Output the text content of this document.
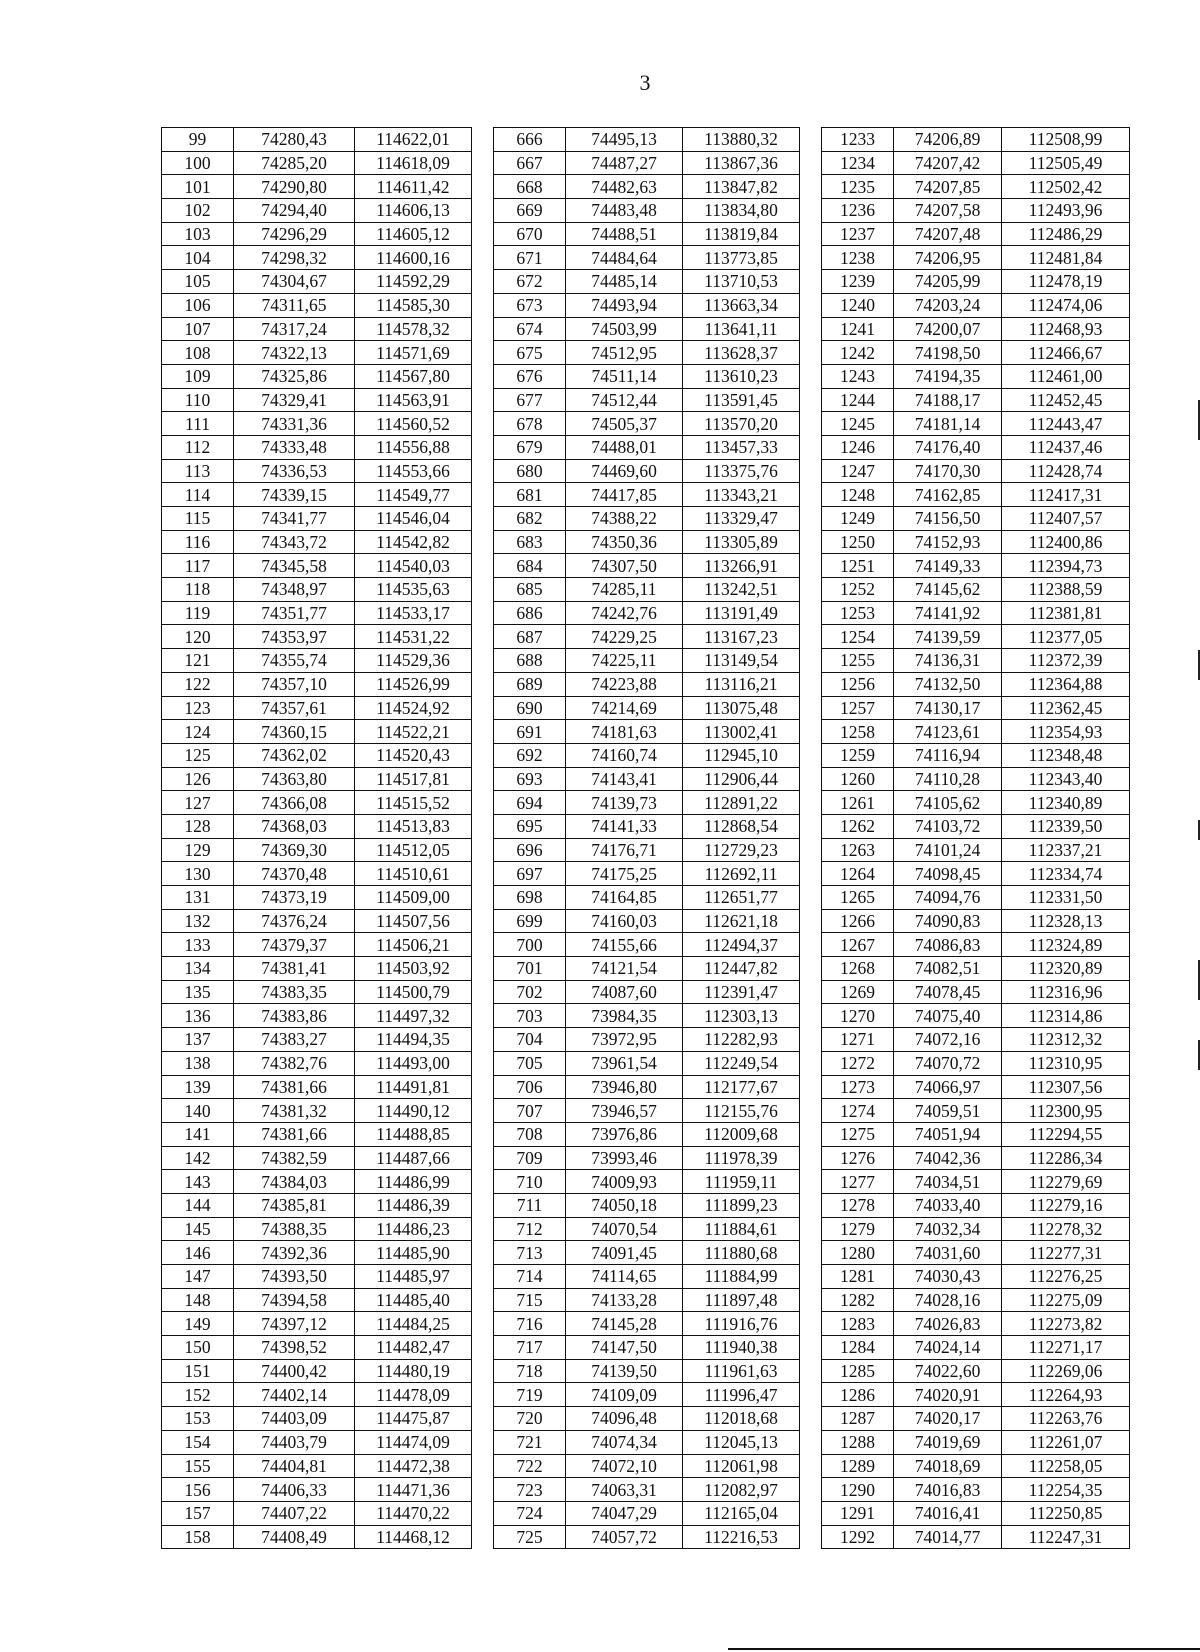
3
99	74280,43	114622,01		666	74495,13	113880,32		1233	74206,89	112508,99
100	74285,20	114618,09		667	74487,27	113867,36		1234	74207,42	112505,49
101	74290,80	114611,42		668	74482,63	113847,82		1235	74207,85	112502,42
102	74294,40	114606,13		669	74483,48	113834,80		1236	74207,58	112493,96
103	74296,29	114605,12		670	74488,51	113819,84		1237	74207,48	112486,29
104	74298,32	114600,16		671	74484,64	113773,85		1238	74206,95	112481,84
105	74304,67	114592,29		672	74485,14	113710,53		1239	74205,99	112478,19
106	74311,65	114585,30		673	74493,94	113663,34		1240	74203,24	112474,06
107	74317,24	114578,32		674	74503,99	113641,11		1241	74200,07	112468,93
108	74322,13	114571,69		675	74512,95	113628,37		1242	74198,50	112466,67
109	74325,86	114567,80		676	74511,14	113610,23		1243	74194,35	112461,00
110	74329,41	114563,91		677	74512,44	113591,45		1244	74188,17	112452,45
111	74331,36	114560,52		678	74505,37	113570,20		1245	74181,14	112443,47
112	74333,48	114556,88		679	74488,01	113457,33		1246	74176,40	112437,46
113	74336,53	114553,66		680	74469,60	113375,76		1247	74170,30	112428,74
114	74339,15	114549,77		681	74417,85	113343,21		1248	74162,85	112417,31
115	74341,77	114546,04		682	74388,22	113329,47		1249	74156,50	112407,57
116	74343,72	114542,82		683	74350,36	113305,89		1250	74152,93	112400,86
117	74345,58	114540,03		684	74307,50	113266,91		1251	74149,33	112394,73
118	74348,97	114535,63		685	74285,11	113242,51		1252	74145,62	112388,59
119	74351,77	114533,17		686	74242,76	113191,49		1253	74141,92	112381,81
120	74353,97	114531,22		687	74229,25	113167,23		1254	74139,59	112377,05
121	74355,74	114529,36		688	74225,11	113149,54		1255	74136,31	112372,39
122	74357,10	114526,99		689	74223,88	113116,21		1256	74132,50	112364,88
123	74357,61	114524,92		690	74214,69	113075,48		1257	74130,17	112362,45
124	74360,15	114522,21		691	74181,63	113002,41		1258	74123,61	112354,93
125	74362,02	114520,43		692	74160,74	112945,10		1259	74116,94	112348,48
126	74363,80	114517,81		693	74143,41	112906,44		1260	74110,28	112343,40
127	74366,08	114515,52		694	74139,73	112891,22		1261	74105,62	112340,89
128	74368,03	114513,83		695	74141,33	112868,54		1262	74103,72	112339,50
129	74369,30	114512,05		696	74176,71	112729,23		1263	74101,24	112337,21
130	74370,48	114510,61		697	74175,25	112692,11		1264	74098,45	112334,74
131	74373,19	114509,00		698	74164,85	112651,77		1265	74094,76	112331,50
132	74376,24	114507,56		699	74160,03	112621,18		1266	74090,83	112328,13
133	74379,37	114506,21		700	74155,66	112494,37		1267	74086,83	112324,89
134	74381,41	114503,92		701	74121,54	112447,82		1268	74082,51	112320,89
135	74383,35	114500,79		702	74087,60	112391,47		1269	74078,45	112316,96
136	74383,86	114497,32		703	73984,35	112303,13		1270	74075,40	112314,86
137	74383,27	114494,35		704	73972,95	112282,93		1271	74072,16	112312,32
138	74382,76	114493,00		705	73961,54	112249,54		1272	74070,72	112310,95
139	74381,66	114491,81		706	73946,80	112177,67		1273	74066,97	112307,56
140	74381,32	114490,12		707	73946,57	112155,76		1274	74059,51	112300,95
141	74381,66	114488,85		708	73976,86	112009,68		1275	74051,94	112294,55
142	74382,59	114487,66		709	73993,46	111978,39		1276	74042,36	112286,34
143	74384,03	114486,99		710	74009,93	111959,11		1277	74034,51	112279,69
144	74385,81	114486,39		711	74050,18	111899,23		1278	74033,40	112279,16
145	74388,35	114486,23		712	74070,54	111884,61		1279	74032,34	112278,32
146	74392,36	114485,90		713	74091,45	111880,68		1280	74031,60	112277,31
147	74393,50	114485,97		714	74114,65	111884,99		1281	74030,43	112276,25
148	74394,58	114485,40		715	74133,28	111897,48		1282	74028,16	112275,09
149	74397,12	114484,25		716	74145,28	111916,76		1283	74026,83	112273,82
150	74398,52	114482,47		717	74147,50	111940,38		1284	74024,14	112271,17
151	74400,42	114480,19		718	74139,50	111961,63		1285	74022,60	112269,06
152	74402,14	114478,09		719	74109,09	111996,47		1286	74020,91	112264,93
153	74403,09	114475,87		720	74096,48	112018,68		1287	74020,17	112263,76
154	74403,79	114474,09		721	74074,34	112045,13		1288	74019,69	112261,07
155	74404,81	114472,38		722	74072,10	112061,98		1289	74018,69	112258,05
156	74406,33	114471,36		723	74063,31	112082,97		1290	74016,83	112254,35
157	74407,22	114470,22		724	74047,29	112165,04		1291	74016,41	112250,85
158	74408,49	114468,12		725	74057,72	112216,53		1292	74014,77	112247,31
